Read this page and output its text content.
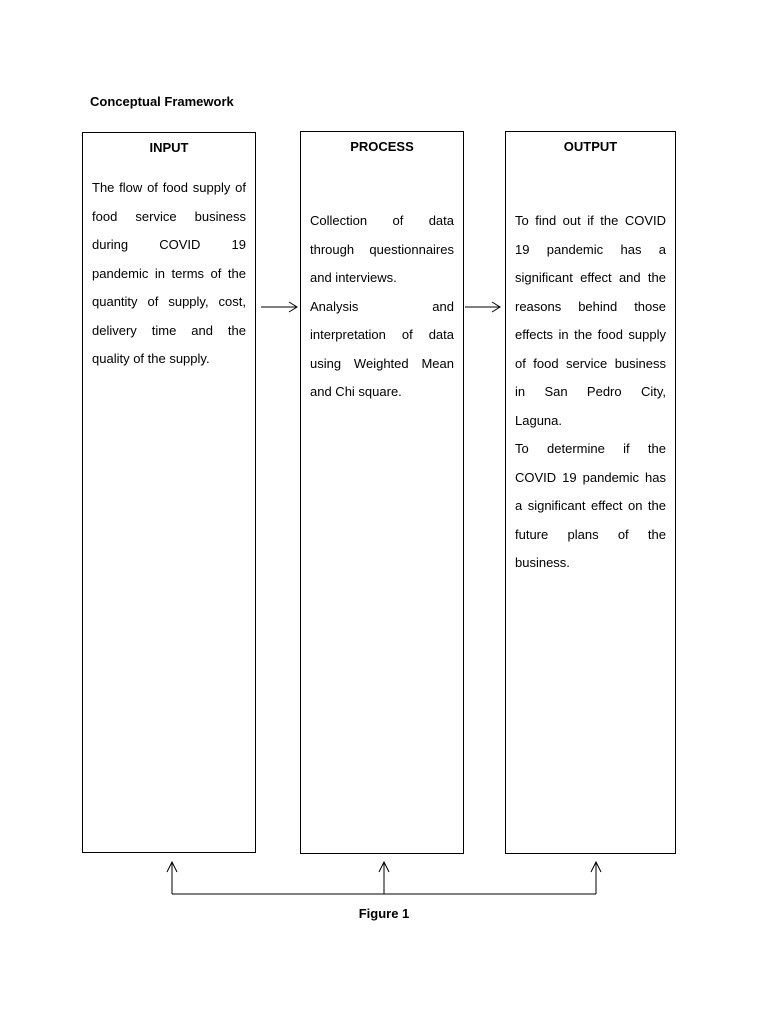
Conceptual Framework
INPUT

The flow of food supply of food service business during COVID 19 pandemic in terms of the quantity of supply, cost, delivery time and the quality of the supply.

PROCESS

Collection of data through questionnaires and interviews.

Analysis and interpretation of data using Weighted Mean and Chi square.

OUTPUT

To find out if the COVID 19 pandemic has a significant effect and the reasons behind those effects in the food supply of food service business in San Pedro City, Laguna.

To determine if the COVID 19 pandemic has a significant effect on the future plans of the business.

Figure 1
